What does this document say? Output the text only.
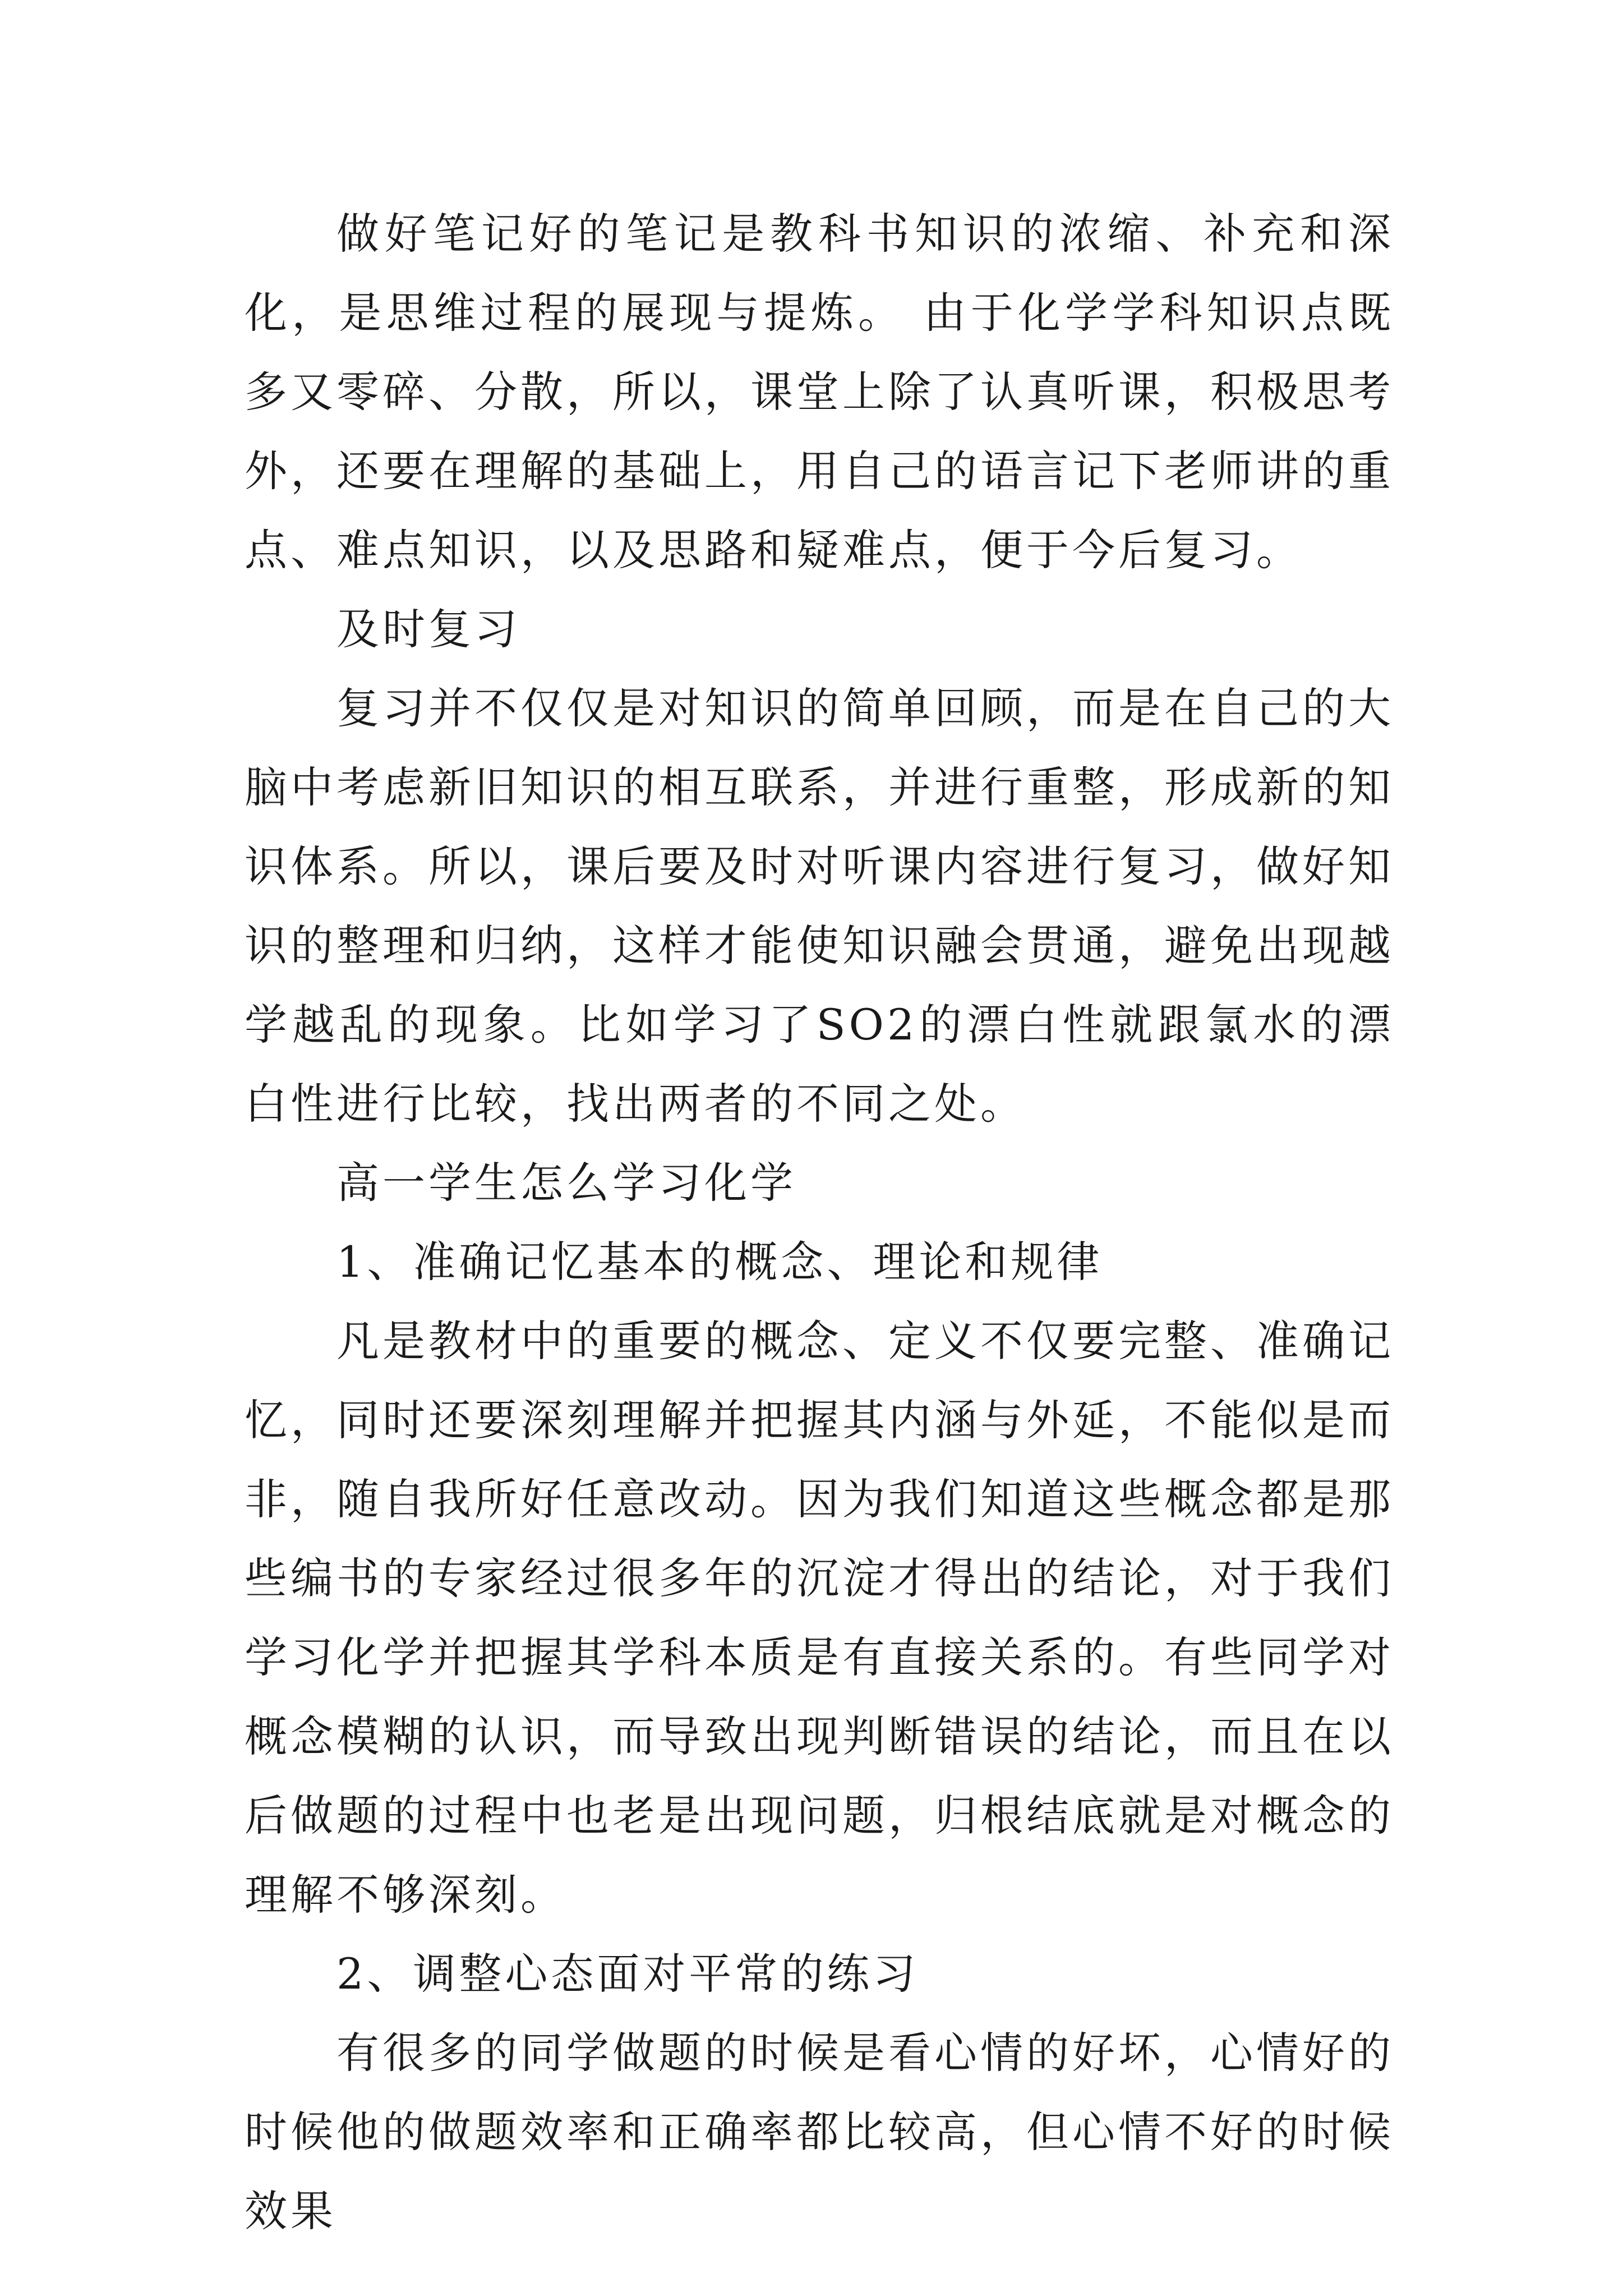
做好笔记好的笔记是教科书知识的浓缩、补充和深化，是思维过程的展现与提炼。 由于化学学科知识点既多又零碎、分散，所以，课堂上除了认真听课，积极思考外，还要在理解的基础上，用自己的语言记下老师讲的重点、难点知识，以及思路和疑难点，便于今后复习。

及时复习

复习并不仅仅是对知识的简单回顾，而是在自己的大脑中考虑新旧知识的相互联系，并进行重整，形成新的知识体系。所以，课后要及时对听课内容进行复习，做好知识的整理和归纳，这样才能使知识融会贯通，避免出现越学越乱的现象。比如学习了SO2的漂白性就跟氯水的漂白性进行比较，找出两者的不同之处。

高一学生怎么学习化学

1、准确记忆基本的概念、理论和规律

凡是教材中的重要的概念、定义不仅要完整、准确记忆，同时还要深刻理解并把握其内涵与外延，不能似是而非，随自我所好任意改动。因为我们知道这些概念都是那些编书的专家经过很多年的沉淀才得出的结论，对于我们学习化学并把握其学科本质是有直接关系的。有些同学对概念模糊的认识，而导致出现判断错误的结论，而且在以后做题的过程中也老是出现问题，归根结底就是对概念的理解不够深刻。

2、调整心态面对平常的练习

有很多的同学做题的时候是看心情的好坏，心情好的时候他的做题效率和正确率都比较高，但心情不好的时候效果
